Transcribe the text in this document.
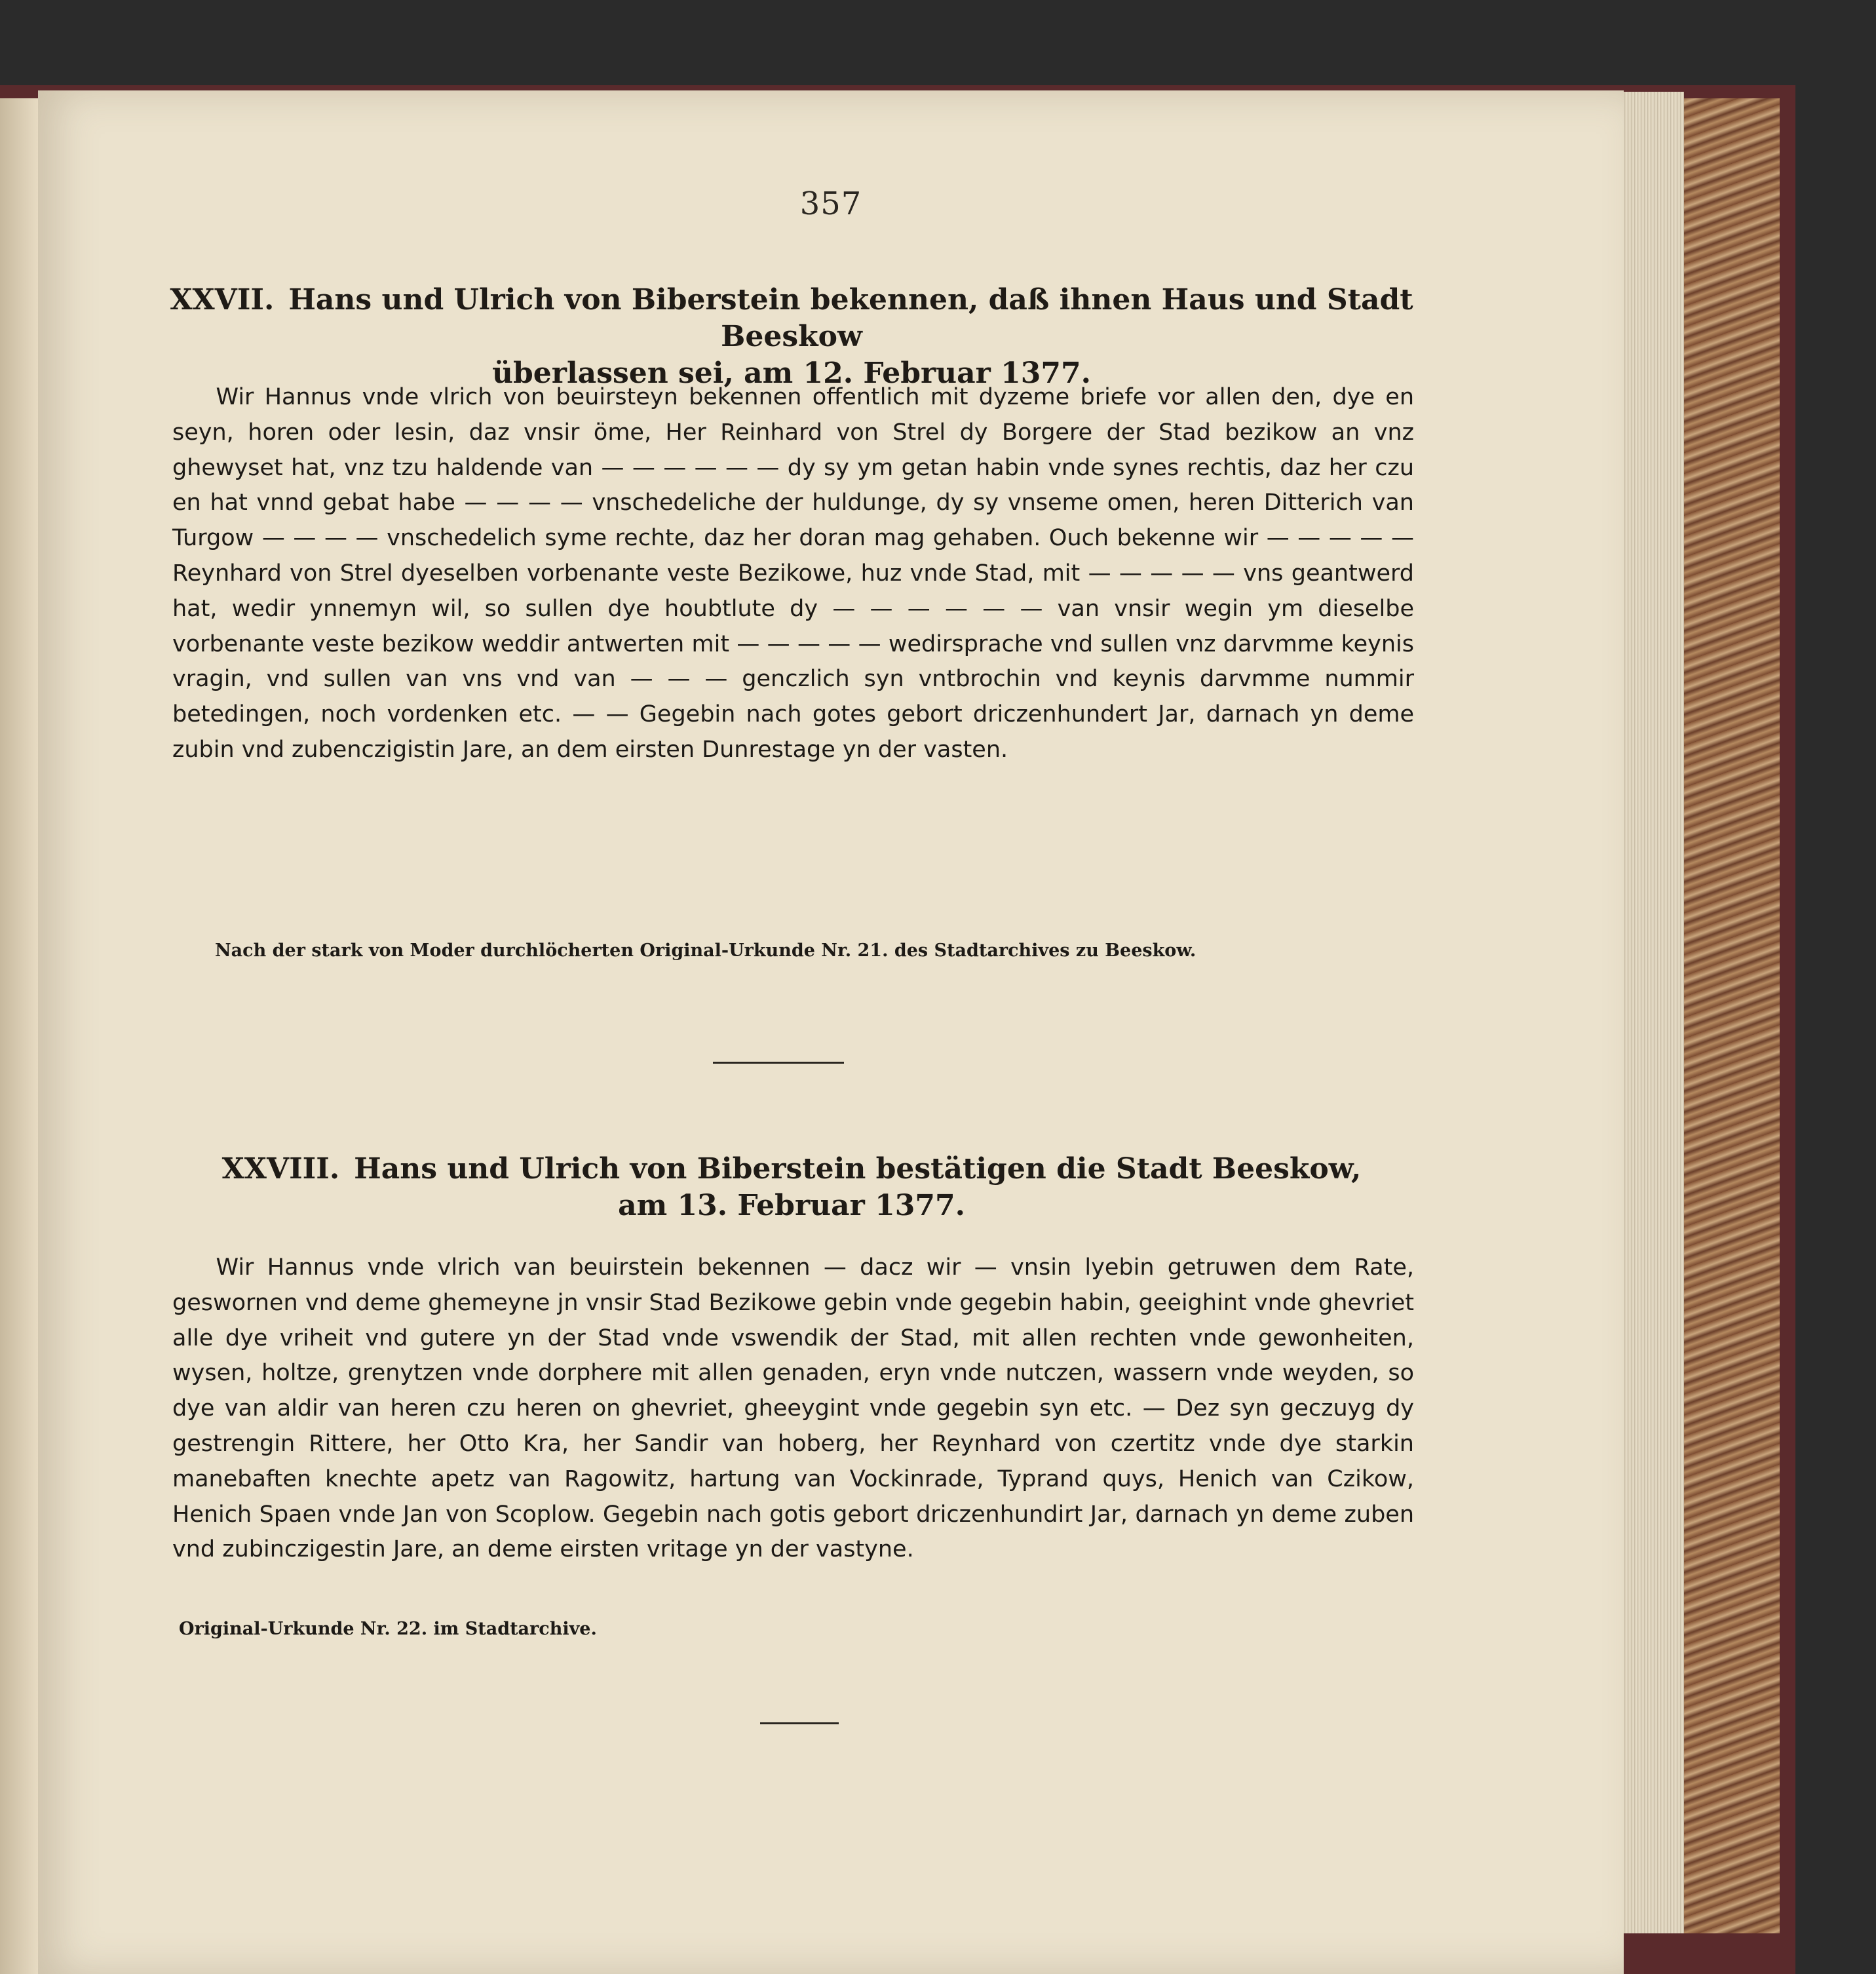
357
XXVII. Hans und Ulrich von Biberstein bekennen, daß ihnen Haus und Stadt Beeskow
überlassen sei, am 12. Februar 1377.

Wir Hannus vnde vlrich von beuirsteyn bekennen offentlich mit dyzeme briefe vor allen den, dye en seyn, horen oder lesin, daz vnsir öme, Her Reinhard von Strel dy Borgere der Stad bezikow an vnz ghewyset hat, vnz tzu haldende van — — — — — — dy sy ym getan habin vnde synes rechtis, daz her czu en hat vnnd gebat habe — — — — vnschedeliche der huldunge, dy sy vnseme omen, heren Ditterich van Turgow — — — — vnschedelich syme rechte, daz her doran mag gehaben. Ouch bekenne wir — — — — — Reynhard von Strel dyeselben vorbenante veste Bezikowe, huz vnde Stad, mit — — — — — vns geantwerd hat, wedir ynnemyn wil, so sullen dye houbtlute dy — — — — — — van vnsir wegin ym dieselbe vorbenante veste bezikow weddir antwerten mit — — — — — wedirsprache vnd sullen vnz darvmme keynis vragin, vnd sullen van vns vnd van — — — genczlich syn vntbrochin vnd keynis darvmme nummir betedingen, noch vordenken etc. — — Gegebin nach gotes gebort driczenhundert Jar, darnach yn deme zubin vnd zubenczigistin Jare, an dem eirsten Dunrestage yn der vasten.

Nach der stark von Moder durchlöcherten Original-Urkunde Nr. 21. des Stadtarchives zu Beeskow.
XXVIII. Hans und Ulrich von Biberstein bestätigen die Stadt Beeskow,
am 13. Februar 1377.

Wir Hannus vnde vlrich van beuirstein bekennen — dacz wir — vnsin lyebin getruwen dem Rate, geswornen vnd deme ghemeyne jn vnsir Stad Bezikowe gebin vnde gegebin habin, geeighint vnde ghevriet alle dye vriheit vnd gutere yn der Stad vnde vswendik der Stad, mit allen rechten vnde gewonheiten, wysen, holtze, grenytzen vnde dorphere mit allen genaden, eryn vnde nutczen, wassern vnde weyden, so dye van aldir van heren czu heren on ghevriet, gheeygint vnde gegebin syn etc. — Dez syn geczuyg dy gestrengin Rittere, her Otto Kra, her Sandir van hoberg, her Reynhard von czertitz vnde dye starkin manebaften knechte apetz van Ragowitz, hartung van Vockinrade, Typrand quys, Henich van Czikow, Henich Spaen vnde Jan von Scoplow. Gegebin nach gotis gebort driczenhundirt Jar, darnach yn deme zuben vnd zubinczigestin Jare, an deme eirsten vritage yn der vastyne.

Original-Urkunde Nr. 22. im Stadtarchive.
